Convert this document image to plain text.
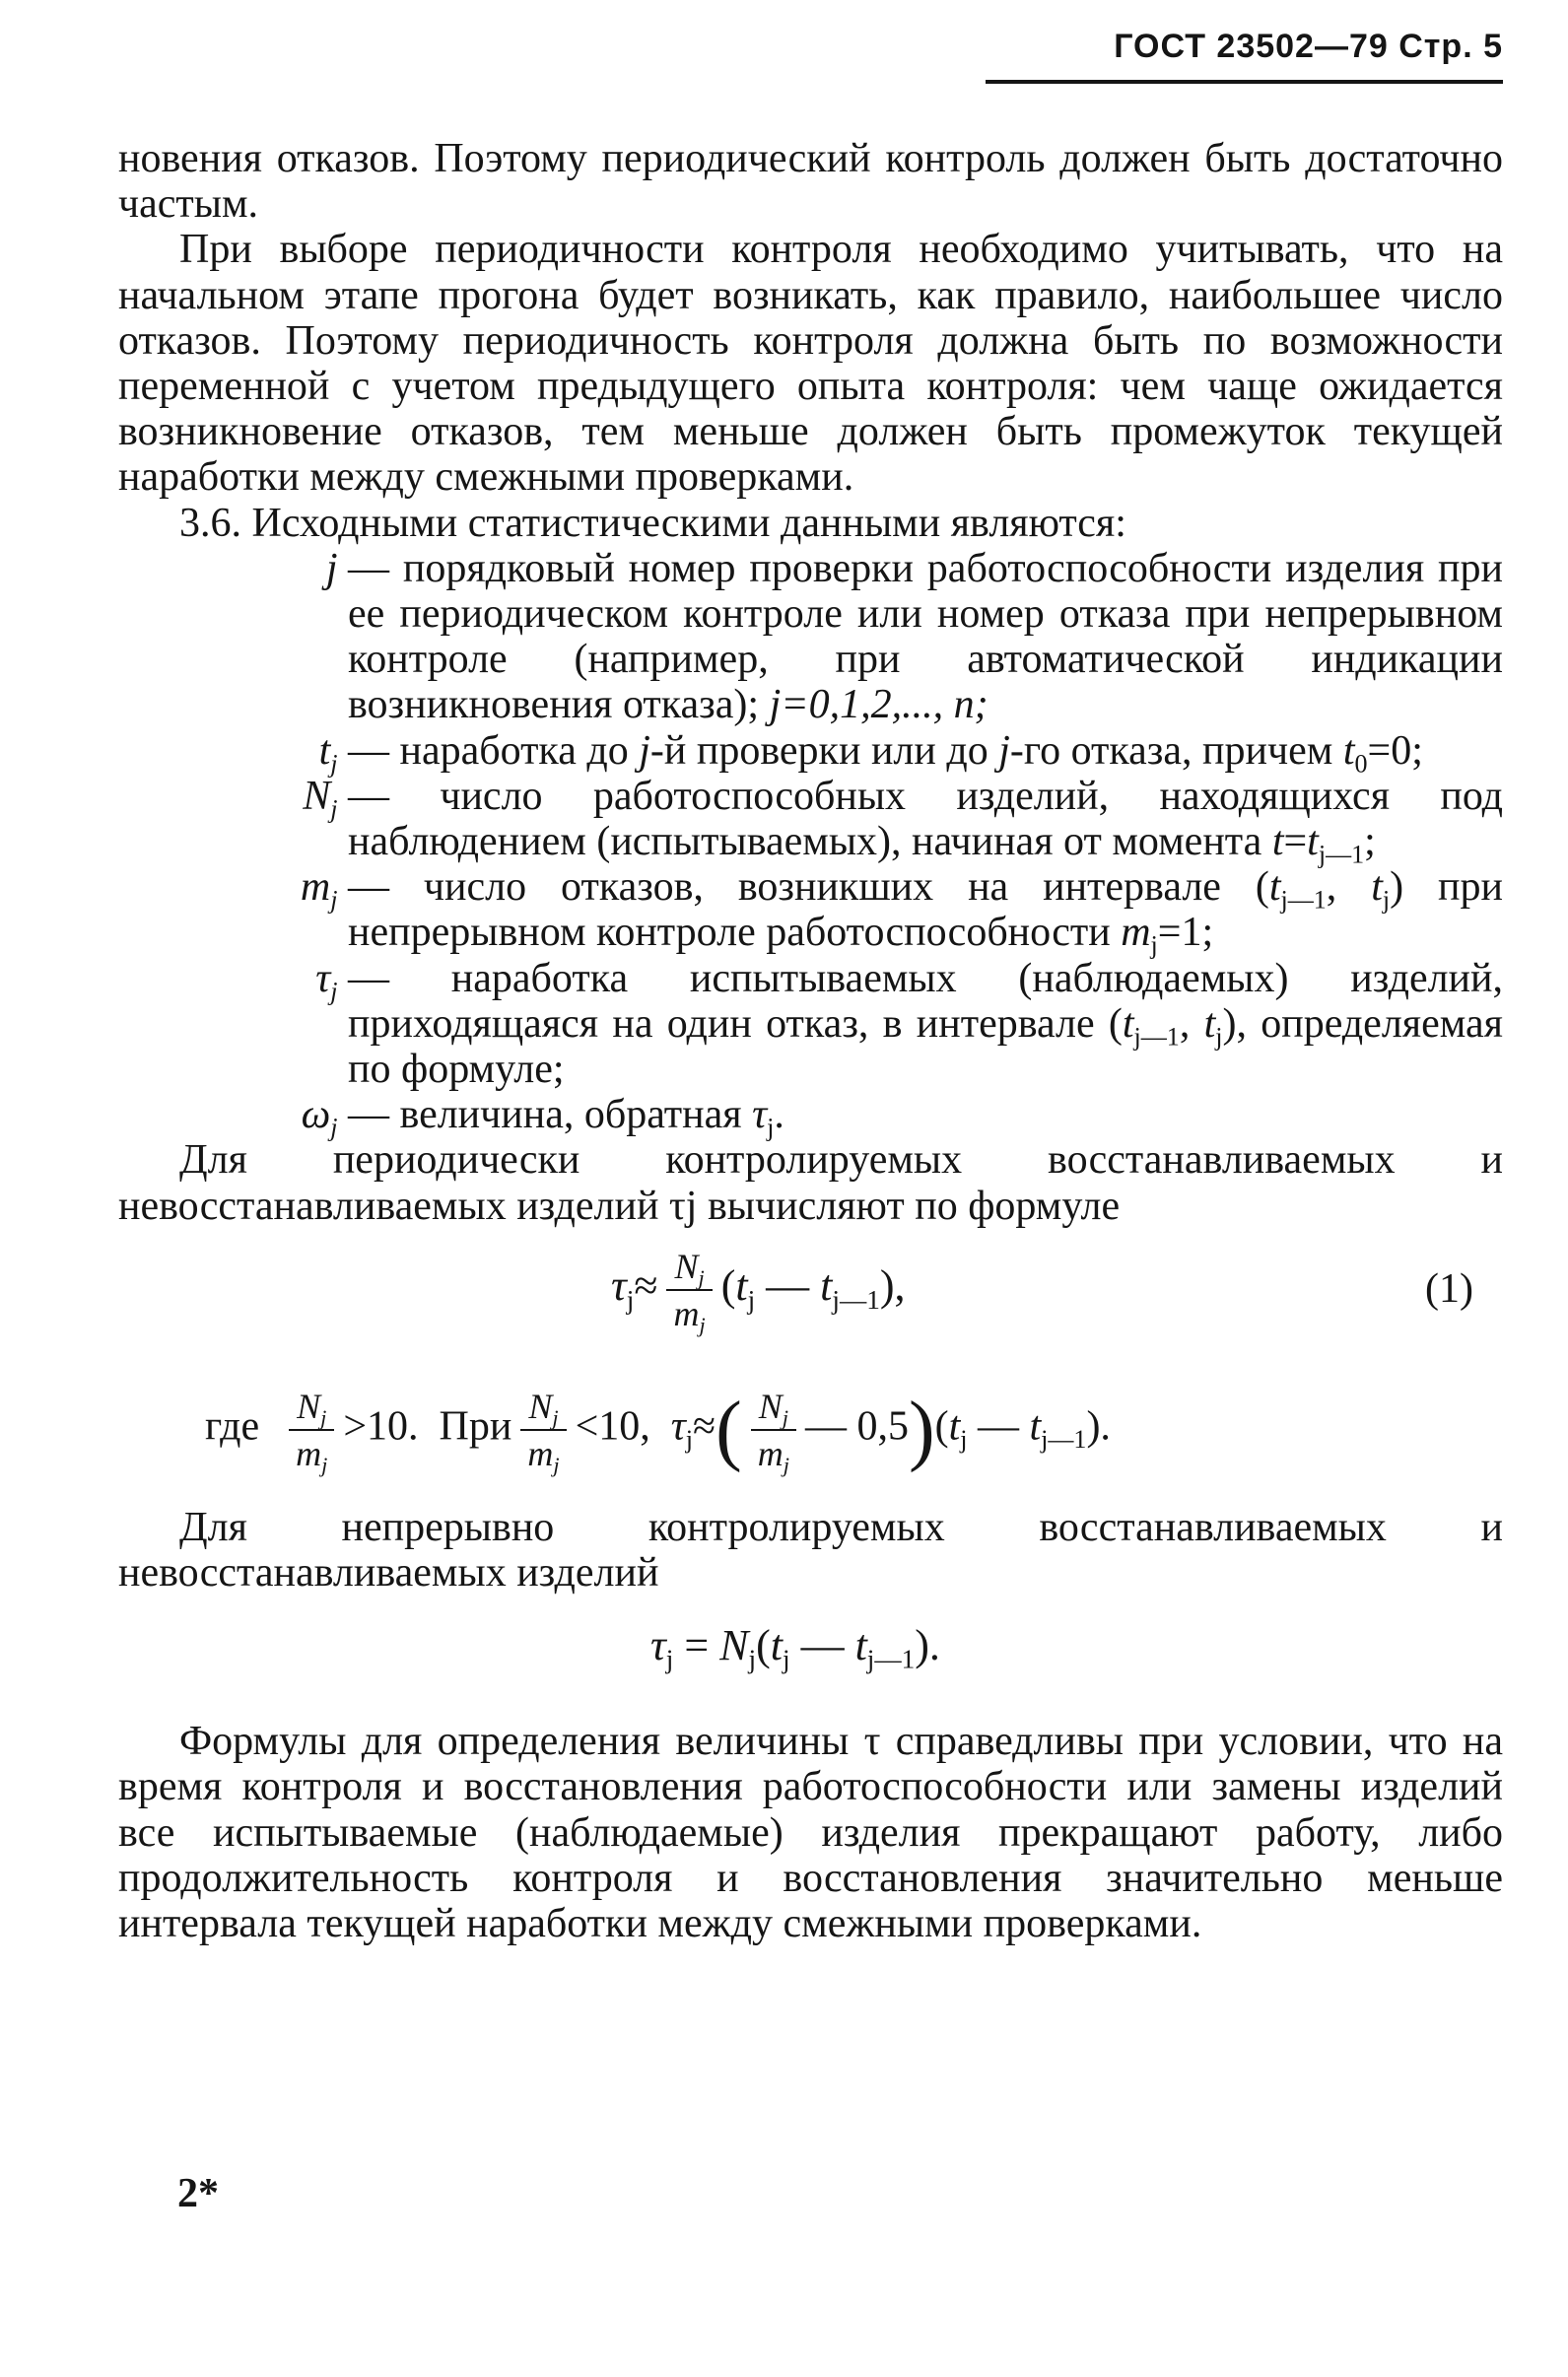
ГОСТ 23502—79 Стр. 5

новения отказов. Поэтому периодический контроль должен быть достаточно частым.

При выборе периодичности контроля необходимо учитывать, что на начальном этапе прогона будет возникать, как правило, наибольшее число отказов. Поэтому периодичность контроля должна быть по возможности переменной с учетом предыдущего опыта контроля: чем чаще ожидается возникновение отказов, тем меньше должен быть промежуток текущей наработки между смежными проверками.

3.6. Исходными статистическими данными являются:

j — порядковый номер проверки работоспособности изделия при ее периодическом контроле или номер отказа при непрерывном контроле (например, при автоматической индикации возникновения отказа); j=0,1,2,..., n;
$t_j$ — наработка до j-й проверки или до j-го отказа, причем $t_0=0$;
$N_j$ — число работоспособных изделий, находящихся под наблюдением (испытываемых), начиная от момента $t=t_{j—1}$;
$m_j$ — число отказов, возникших на интервале ($t_{j—1}$, $t_j$) при непрерывном контроле работоспособности $m_j=1$;
$\tau_j$ — наработка испытываемых (наблюдаемых) изделий, приходящаяся на один отказ, в интервале ($t_{j—1}$, $t_j$), определяемая по формуле;
$\omega_j$ — величина, обратная $\tau_j$.

Для периодически контролируемых восстанавливаемых и невосстанавливаемых изделий τj вычисляют по формуле

$\tau_j\approx \frac{N_j}{m_j} (t_j$ — $t_{j—1}$),	(1)
где $\frac{N_j}{m_j} >10$. При $\frac{N_j}{m_j} <10$, $\tau_j\approx( \frac{N_j}{m_j}$ — $0,5)(t_j$ — $t_{j—1}$).

Для непрерывно контролируемых восстанавливаемых и невосстанавливаемых изделий

$\tau_j = N_j(t_j$ — $t_{j—1}$).

Формулы для определения величины τ справедливы при условии, что на время контроля и восстановления работоспособности или замены изделий все испытываемые (наблюдаемые) изделия прекращают работу, либо продолжительность контроля и восстановления значительно меньше интервала текущей наработки между смежными проверками.

2*
